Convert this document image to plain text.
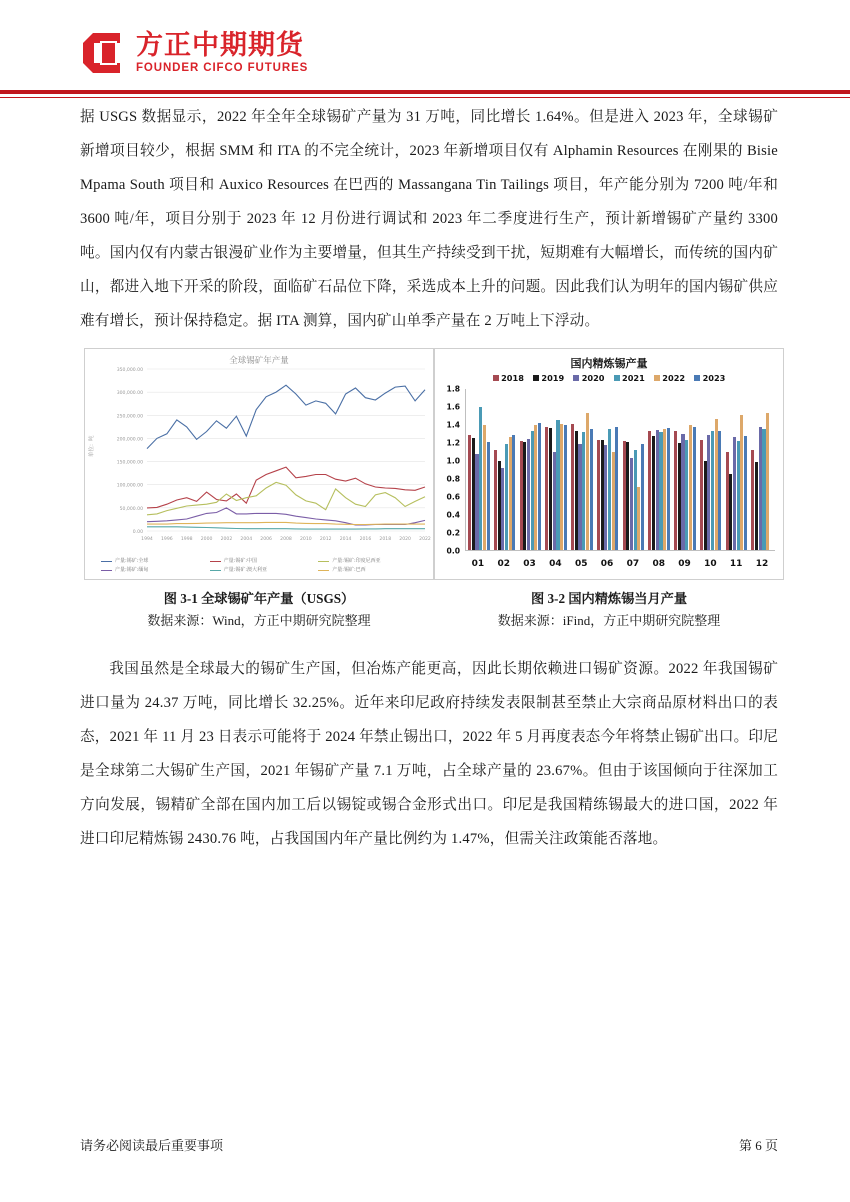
方正中期期货
FOUNDER CIFCO FUTURES

据 USGS 数据显示，2022 年全年全球锡矿产量为 31 万吨，同比增长 1.64%。但是进入 2023 年，全球锡矿新增项目较少，根据 SMM 和 ITA 的不完全统计，2023 年新增项目仅有 Alphamin Resources 在刚果的 Bisie Mpama South 项目和 Auxico Resources 在巴西的 Massangana Tin Tailings 项目，年产能分别为 7200 吨/年和 3600 吨/年，项目分别于 2023 年 12 月份进行调试和 2023 年二季度进行生产，预计新增锡矿产量约 3300 吨。国内仅有内蒙古银漫矿业作为主要增量，但其生产持续受到干扰，短期难有大幅增长，而传统的国内矿山，都进入地下开采的阶段，面临矿石品位下降，采选成本上升的问题。因此我们认为明年的国内锡矿供应难有增长，预计保持稳定。据 ITA 测算，国内矿山单季产量在 2 万吨上下浮动。

全球锡矿年产量
单位：吨
0.00
50,000.00
100,000.00
150,000.00
200,000.00
250,000.00
300,000.00
350,000.00
1994 1996 1998 2000 2002 2004 2006 2008 2010 2012 2014 2016 2018 2020 2022
产量:锡矿:全球	产量:锡矿:中国	产量:锡矿:印度尼西亚
产量:锡矿:缅甸	产量:锡矿:澳大利亚	产量:锡矿:巴西
图 3-1 全球锡矿年产量（USGS）
数据来源：Wind，方正中期研究院整理
国内精炼锡产量
2018 2019 2020 2021 2022 2023
0.0
0.2
0.4
0.6
0.8
1.0
1.2
1.4
1.6
1.8
01 02 03 04 05 06 07 08 09 10 11 12
图 3-2 国内精炼锡当月产量
数据来源：iFind，方正中期研究院整理

我国虽然是全球最大的锡矿生产国，但冶炼产能更高，因此长期依赖进口锡矿资源。2022 年我国锡矿进口量为 24.37 万吨，同比增长 32.25%。近年来印尼政府持续发表限制甚至禁止大宗商品原材料出口的表态，2021 年 11 月 23 日表示可能将于 2024 年禁止锡出口，2022 年 5 月再度表态今年将禁止锡矿出口。印尼是全球第二大锡矿生产国，2021 年锡矿产量 7.1 万吨，占全球产量的 23.67%。但由于该国倾向于往深加工方向发展，锡精矿全部在国内加工后以锡锭或锡合金形式出口。印尼是我国精练锡最大的进口国，2022 年进口印尼精炼锡 2430.76 吨，占我国国内年产量比例约为 1.47%，但需关注政策能否落地。

请务必阅读最后重要事项	第 6 页
